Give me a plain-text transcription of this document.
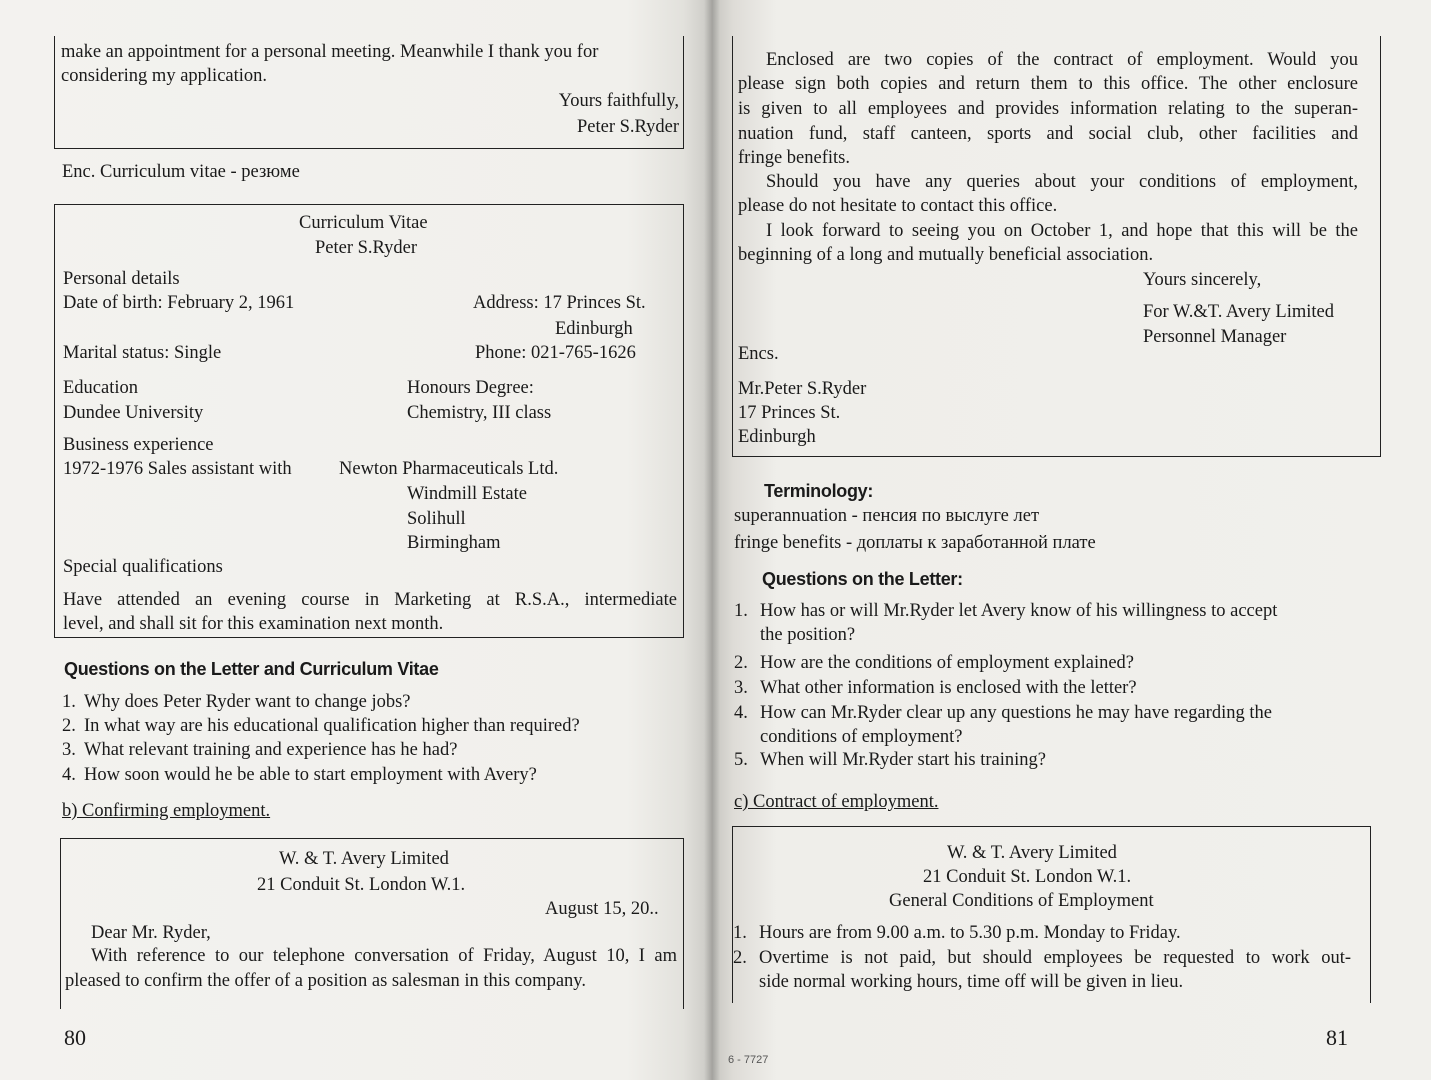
make an appointment for a personal meeting. Meanwhile I thank you for
considering my application.
Yours faithfully,
Peter S.Ryder
Enc. Curriculum vitae - резюме
Curriculum Vitae
Peter S.Ryder
Personal details
Date of birth: February 2, 1961	Address: 17 Princes St.
Edinburgh
Marital status: Single	Phone: 021-765-1626
Education	Honours Degree:
Dundee University	Chemistry, III class
Business experience
1972-1976 Sales assistant with	Newton Pharmaceuticals Ltd.
Windmill Estate
Solihull
Birmingham
Special qualifications
Have attended an evening course in Marketing at R.S.A., intermediate
level, and shall sit for this examination next month.
Questions on the Letter and Curriculum Vitae
1. Why does Peter Ryder want to change jobs?
2. In what way are his educational qualification higher than required?
3. What relevant training and experience has he had?
4. How soon would he be able to start employment with Avery?
b) Confirming employment.
W. & T. Avery Limited
21 Conduit St. London W.1.
August 15, 20..
Dear Mr. Ryder,
With reference to our telephone conversation of Friday, August 10, I am
pleased to confirm the offer of a position as salesman in this company.
80
Enclosed are two copies of the contract of employment. Would you
please sign both copies and return them to this office. The other enclosure
is given to all employees and provides information relating to the superan-
nuation fund, staff canteen, sports and social club, other facilities and
fringe benefits.
Should you have any queries about your conditions of employment,
please do not hesitate to contact this office.
I look forward to seeing you on October 1, and hope that this will be the
beginning of a long and mutually beneficial association.
Yours sincerely,
For W.&T. Avery Limited
Personnel Manager
Encs.
Mr.Peter S.Ryder
17 Princes St.
Edinburgh
Terminology:
superannuation - пенсия по выслуге лет
fringe benefits - доплаты к заработанной плате
Questions on the Letter:
1. How has or will Mr.Ryder let Avery know of his willingness to accept
the position?
2. How are the conditions of employment explained?
3. What other information is enclosed with the letter?
4. How can Mr.Ryder clear up any questions he may have regarding the
conditions of employment?
5. When will Mr.Ryder start his training?
c) Contract of employment.
W. & T. Avery Limited
21 Conduit St. London W.1.
General Conditions of Employment
1. Hours are from 9.00 a.m. to 5.30 p.m. Monday to Friday.
2. Overtime is not paid, but should employees be requested to work out-
side normal working hours, time off will be given in lieu.
6 - 7727
81
